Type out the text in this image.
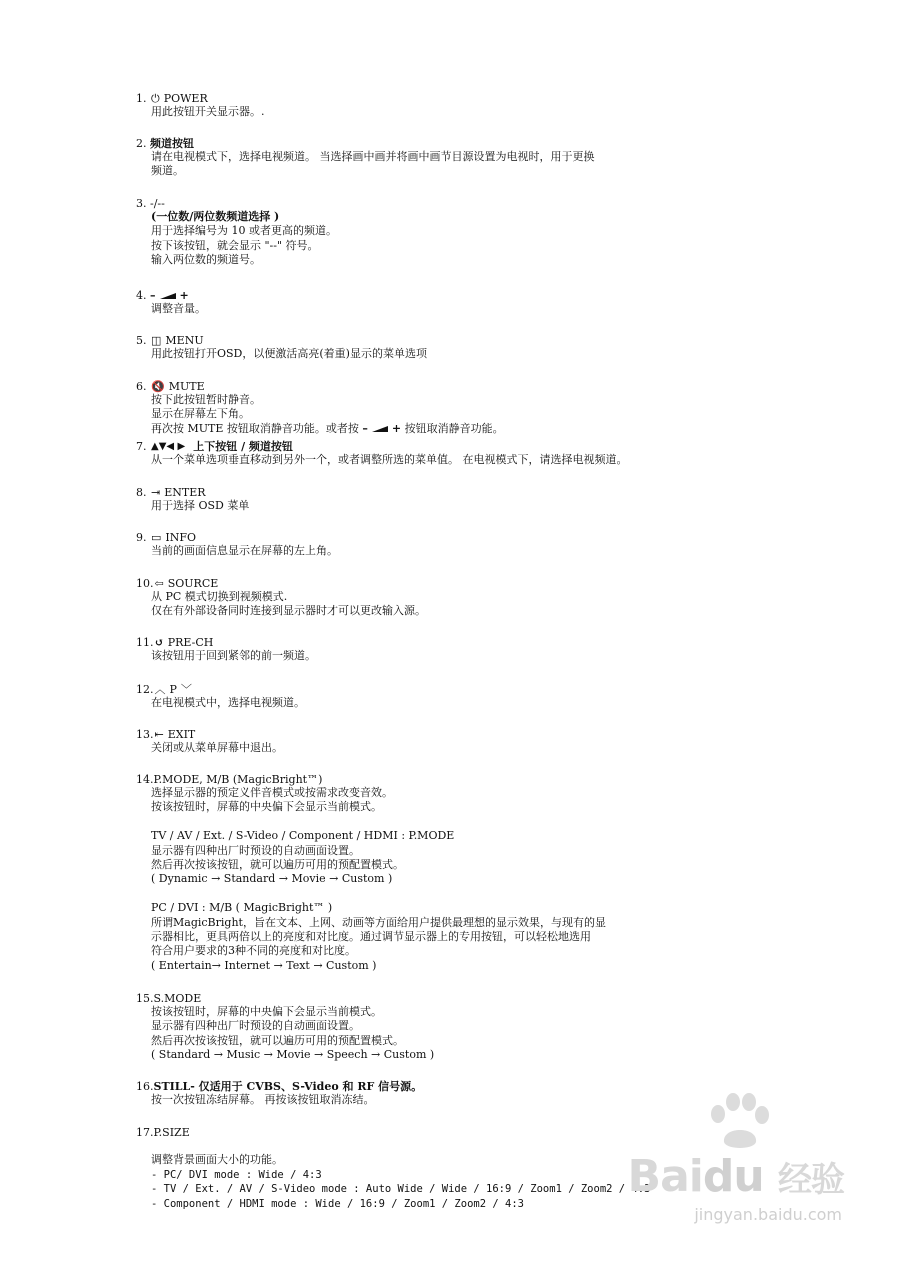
1. ⏻ POWER
用此按钮开关显示器。.
2. 频道按钮
请在电视模式下，选择电视频道。 当选择画中画并将画中画节目源设置为电视时，用于更换
频道。
3. -/--
(一位数/两位数频道选择 )
用于选择编号为 10 或者更高的频道。
按下该按钮，就会显示 "--" 符号。
输入两位数的频道号。
4. – +
调整音量。
5. ◫ MENU
用此按钮打开OSD，以便激活高亮(着重)显示的菜单选项
6. 🔇 MUTE
按下此按钮暂时静音。
显示在屏幕左下角。
再次按 MUTE 按钮取消静音功能。或者按 – + 按钮取消静音功能。
7. ▲▼◀ ▶ 上下按钮 / 频道按钮
从一个菜单选项垂直移动到另外一个，或者调整所选的菜单值。 在电视模式下，请选择电视频道。
8. ⇥ ENTER
用于选择 OSD 菜单
9. ▭ INFO
当前的画面信息显示在屏幕的左上角。
10. ⇦ SOURCE
从 PC 模式切换到视频模式.
仅在有外部设备同时连接到显示器时才可以更改输入源。
11. ↺ PRE-CH
该按钮用于回到紧邻的前一频道。
12. ︿ P ﹀
在电视模式中，选择电视频道。
13. ⇤ EXIT
关闭或从菜单屏幕中退出。
14. P.MODE, M/B (MagicBright™)
选择显示器的预定义伴音模式或按需求改变音效。
按该按钮时，屏幕的中央偏下会显示当前模式。

TV / AV / Ext. / S-Video / Component / HDMI : P.MODE
显示器有四种出厂时预设的自动画面设置。
然后再次按该按钮，就可以遍历可用的预配置模式。
( Dynamic → Standard → Movie → Custom )

PC / DVI : M/B ( MagicBright™ )
所谓MagicBright，旨在文本、上网、动画等方面给用户提供最理想的显示效果，与现有的显
示器相比，更具两倍以上的亮度和对比度。通过调节显示器上的专用按钮，可以轻松地选用
符合用户要求的3种不同的亮度和对比度。
( Entertain→ Internet → Text → Custom )
15. S.MODE
按该按钮时，屏幕的中央偏下会显示当前模式。
显示器有四种出厂时预设的自动画面设置。
然后再次按该按钮，就可以遍历可用的预配置模式。
( Standard → Music → Movie → Speech → Custom )
16. STILL- 仅适用于 CVBS、S-Video 和 RF 信号源。
按一次按钮冻结屏幕。 再按该按钮取消冻结。
17. P.SIZE

调整背景画面大小的功能。
- PC/ DVI mode : Wide / 4:3
- TV / Ext. / AV / S-Video mode : Auto Wide / Wide / 16:9 / Zoom1 / Zoom2 / 4:3
- Component / HDMI mode : Wide / 16:9 / Zoom1 / Zoom2 / 4:3
Baidu 经验
jingyan.baidu.com
